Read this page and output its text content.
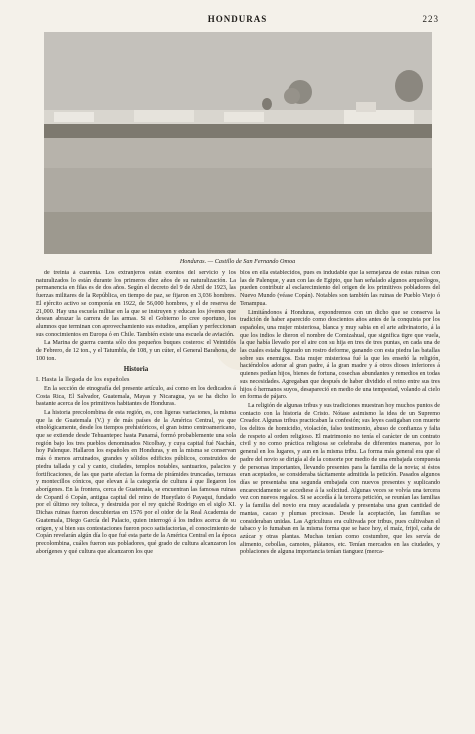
HONDURAS	223
Honduras. — Castillo de San Fernando Omoa

de treinta á cuarenta. Los extranjeros están exentos del servicio y los naturalizados lo están durante los primeros diez años de su naturalización. La permanencia en filas es de dos años. Según el decreto del 9 de Abril de 1923, las fuerzas militares de la República, en tiempo de paz, se fijaron en 3,036 hombres. El ejército activo se componía en 1922, de 56,000 hombres, y el de reserva de 21,000. Hay una escuela militar en la que se instruyen y educan los jóvenes que desean abrazar la carrera de las armas. Si el Gobierno lo cree oportuno, los alumnos que terminan con aprovechamiento sus estudios, amplían y perfeccionan sus conocimientos en Europa ó en Chile. También existe una escuela de aviación.

La Marina de guerra cuenta sólo dos pequeños buques costeros: el Veintidós de Febrero, de 12 ton., y el Tatumbla, de 108, y un cúter, el General Barahona, de 100 ton.

Historia
I. Hasta la llegada de los españoles

En la sección de etnografía del presente artículo, así como en los dedicados á Costa Rica, El Salvador, Guatemala, Mayas y Nicaragua, ya se ha dicho lo bastante acerca de los primitivos habitantes de Honduras.

La historia precolombina de esta región, es, con ligeras variaciones, la misma que la de Guatemala (V.) y de más países de la América Central, ya que etnológicamente, desde los tiempos prehistóricos, el gran istmo centroamericano, que se extiende desde Tehuantepec hasta Panamá, formó probablemente una sola región bajo los tres pueblos denominados Nicolbay, y cuya capital fué Nachán, hoy Palenque. Hallaron los españoles en Honduras, y en la misma se conservan más ó menos arruinados, grandes y sólidos edificios públicos, construidos de piedra tallada y cal y canto, ciudades, templos notables, santuarios, palacios y fortificaciones, de las que parte afectan la forma de pirámides truncadas, terrazas y montecillos cónicos, que elevan á la categoría de cultura á que llegaron los aborígenes. En la frontera, cerca de Guatemala, se encuentran las famosas ruinas de Copantl ó Copán, antigua capital del reino de Hueytlato ó Payaqui, fundado por el último rey tolteca, y destruida por el rey quiché Rodrigo en el siglo XI. Dichas ruinas fueron descubiertas en 1576 por el oidor de la Real Academia de Guatemala, Diego García del Palacio, quien interrogó á los indios acerca de su origen, y si bien sus contestaciones fueron poco satisfactorias, el conocimiento de Copán revelarán algún día lo que fué esta parte de la América Central en la época precolombina, cuáles fueron sus pobladores, qué grado de cultura alcanzaron los aborígenes y qué cultura que alcanzaron los que

blos en ella establecidos, pues es indudable que la semejanza de estas ruinas con las de Palenque, y aun con las de Egipto, que han señalado algunos arqueólogos, pueden contribuir al esclarecimiento del origen de los primitivos pobladores del Nuevo Mundo (véase Copán). Notables son también las ruinas de Pueblo Viejo ó Tenampua.

Limitándonos á Honduras, expondremos con un dicho que se conserva la tradición de haber aparecido como doscientos años antes de la conquista por los españoles, una mujer misteriosa, blanca y muy sabia en el arte adivinatorio, á la que los indios le dieron el nombre de Comizahual, que significa tigre que vuela, la que había llevado por el aire con su hija en tres de tres puntas, en cada una de las cuales estaba figurado un rostro deforme, ganando con esta piedra las batallas sobre sus enemigos. Esta mujer misteriosa fué la que les enseñó la religión, haciéndolos adorar al gran padre, á la gran madre y á otros dioses inferiores á quienes pedían hijos, bienes de fortuna, cosechas abundantes y remedios en todas sus necesidades. Agregaban que después de haber dividido el reino entre sus tres hijos ó hermanos suyos, desapareció en medio de una tempestad, volando al cielo en forma de pájaro.

La religión de algunas tribus y sus tradiciones muestran hoy muchos puntos de contacto con la historia de Cristo. Nótase asimismo la idea de un Supremo Creador. Algunas tribus practicaban la confesión; sus leyes castigaban con muerte los delitos de homicidio, violación, falso testimonio, abuso de confianza y falta de respeto al orden religioso. El matrimonio no tenía el carácter de un contrato civil y no como práctica religiosa se celebraba de diferentes maneras, por lo general en los lugares, y aun en la misma tribu. La forma más general era que el padre del novio se dirigía al de la consorte por medio de una embajada compuesta de personas importantes, llevando presentes para la familia de la novia; si éstos eran aceptados, se consideraba tácitamente admitida la petición. Pasados algunos días se presentaba una segunda embajada con nuevos presentes y suplicando encarecidamente se accediese á la solicitud. Algunas veces se volvía una tercera vez con nuevos regalos. Si se accedía á la tercera petición, se reunían las familias y la familia del novio era muy acaudalada y presentaba una gran cantidad de mantas, cacao y plumas preciosas. Desde la aceptación, las familias se consideraban unidas. Las Agricultura era cultivada por tribus, pues cultivaban el tabaco y lo fumaban en la misma forma que se hace hoy, el maíz, frijol, caña de azúcar y otras plantas. Muchas tenían como costumbre, que les servía de alimento, cebollas, camotes, plátanos, etc. Tenían mercados en las ciudades, y poblaciones de alguna importancia tenían tianguez (merca-
